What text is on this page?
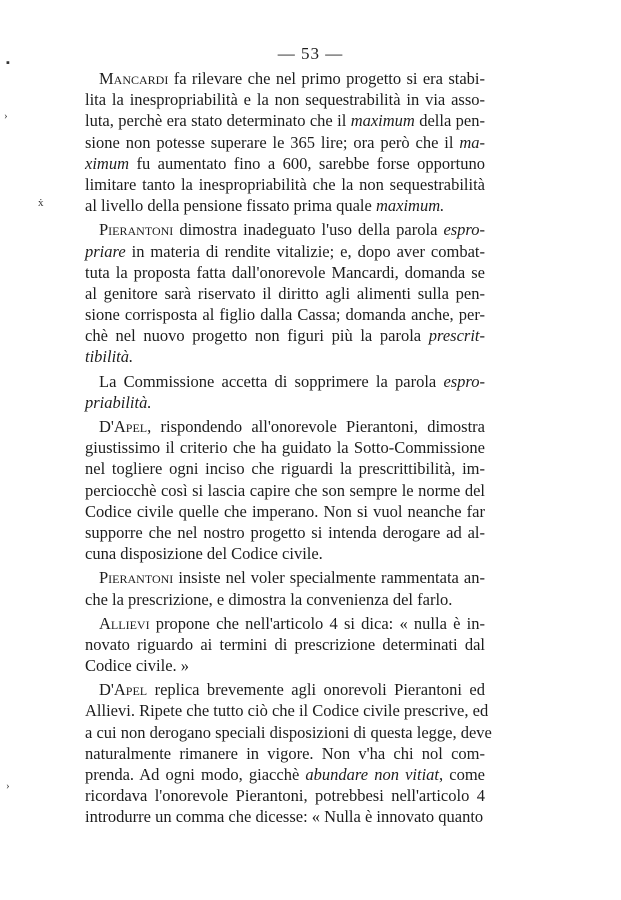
— 53 —
Mancardi fa rilevare che nel primo progetto si era stabi-
lita la inespropriabilità e la non sequestrabilità in via asso-
luta, perchè era stato determinato che il maximum della pen-
sione non potesse superare le 365 lire; ora però che il ma-
ximum fu aumentato fino a 600, sarebbe forse opportuno
limitare tanto la inespropriabilità che la non sequestrabilità
al livello della pensione fissato prima quale maximum.
Pierantoni dimostra inadeguato l'uso della parola espro-
priare in materia di rendite vitalizie; e, dopo aver combat-
tuta la proposta fatta dall'onorevole Mancardi, domanda se
al genitore sarà riservato il diritto agli alimenti sulla pen-
sione corrisposta al figlio dalla Cassa; domanda anche, per-
chè nel nuovo progetto non figuri più la parola prescrit-
tibilità.
La Commissione accetta di sopprimere la parola espro-
priabilità.
D'Apel, rispondendo all'onorevole Pierantoni, dimostra
giustissimo il criterio che ha guidato la Sotto-Commissione
nel togliere ogni inciso che riguardi la prescrittibilità, im-
perciocchè così si lascia capire che son sempre le norme del
Codice civile quelle che imperano. Non si vuol neanche far
supporre che nel nostro progetto si intenda derogare ad al-
cuna disposizione del Codice civile.
Pierantoni insiste nel voler specialmente rammentata an-
che la prescrizione, e dimostra la convenienza del farlo.
Allievi propone che nell'articolo 4 si dica: « nulla è in-
novato riguardo ai termini di prescrizione determinati dal
Codice civile. »
D'Apel replica brevemente agli onorevoli Pierantoni ed
Allievi. Ripete che tutto ciò che il Codice civile prescrive, ed
a cui non derogano speciali disposizioni di questa legge, deve
naturalmente rimanere in vigore. Non v'ha chi nol com-
prenda. Ad ogni modo, giacchè abundare non vitiat, come
ricordava l'onorevole Pierantoni, potrebbesi nell'articolo 4
introdurre un comma che dicesse: « Nulla è innovato quanto
▪
›
ẋ
›
